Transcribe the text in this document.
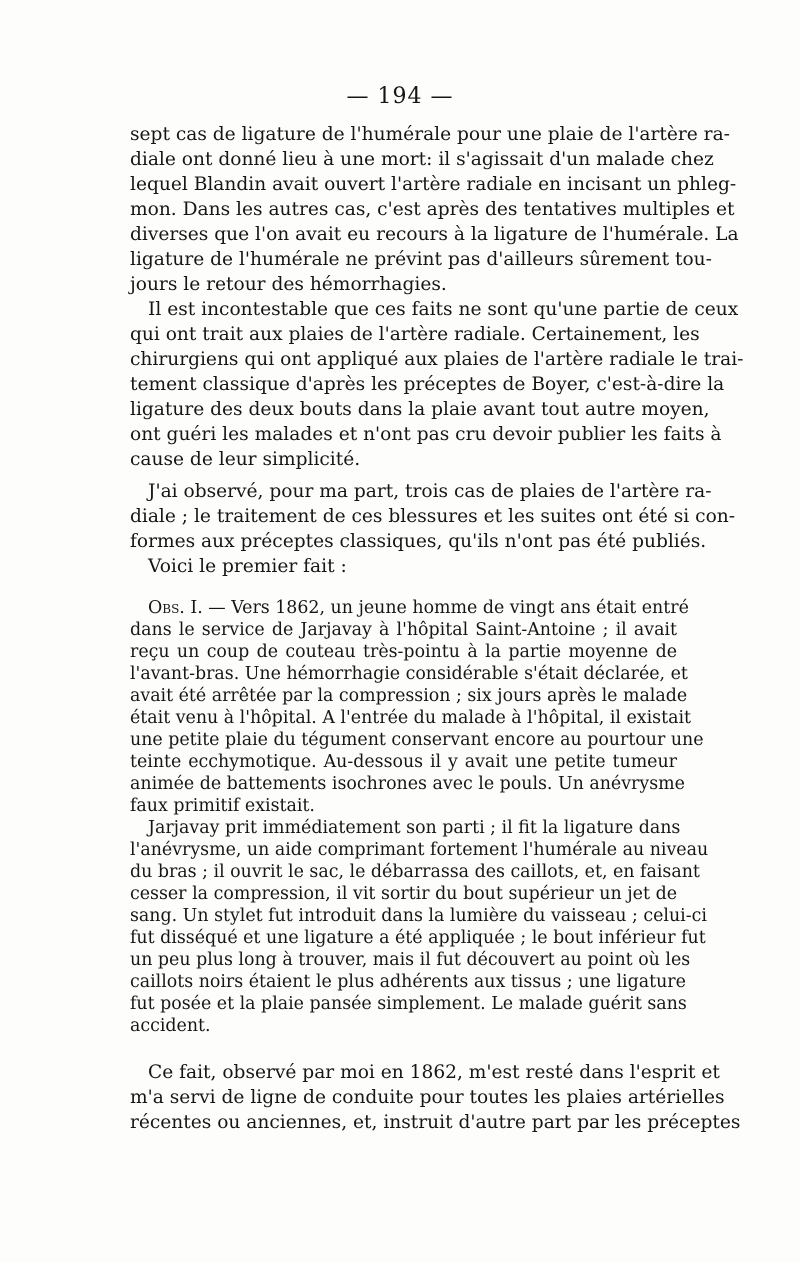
— 194 —
sept cas de ligature de l'humérale pour une plaie de l'artère ra-
diale ont donné lieu à une mort: il s'agissait d'un malade chez
lequel Blandin avait ouvert l'artère radiale en incisant un phleg-
mon. Dans les autres cas, c'est après des tentatives multiples et
diverses que l'on avait eu recours à la ligature de l'humérale. La
ligature de l'humérale ne prévint pas d'ailleurs sûrement tou-
jours le retour des hémorrhagies.
Il est incontestable que ces faits ne sont qu'une partie de ceux
qui ont trait aux plaies de l'artère radiale. Certainement, les
chirurgiens qui ont appliqué aux plaies de l'artère radiale le trai-
tement classique d'après les préceptes de Boyer, c'est-à-dire la
ligature des deux bouts dans la plaie avant tout autre moyen,
ont guéri les malades et n'ont pas cru devoir publier les faits à
cause de leur simplicité.
J'ai observé, pour ma part, trois cas de plaies de l'artère ra-
diale ; le traitement de ces blessures et les suites ont été si con-
formes aux préceptes classiques, qu'ils n'ont pas été publiés.
Voici le premier fait :
Obs. I. — Vers 1862, un jeune homme de vingt ans était entré
dans le service de Jarjavay à l'hôpital Saint-Antoine ; il avait
reçu un coup de couteau très-pointu à la partie moyenne de
l'avant-bras. Une hémorrhagie considérable s'était déclarée, et
avait été arrêtée par la compression ; six jours après le malade
était venu à l'hôpital. A l'entrée du malade à l'hôpital, il existait
une petite plaie du tégument conservant encore au pourtour une
teinte ecchymotique. Au-dessous il y avait une petite tumeur
animée de battements isochrones avec le pouls. Un anévrysme
faux primitif existait.
Jarjavay prit immédiatement son parti ; il fit la ligature dans
l'anévrysme, un aide comprimant fortement l'humérale au niveau
du bras ; il ouvrit le sac, le débarrassa des caillots, et, en faisant
cesser la compression, il vit sortir du bout supérieur un jet de
sang. Un stylet fut introduit dans la lumière du vaisseau ; celui-ci
fut disséqué et une ligature a été appliquée ; le bout inférieur fut
un peu plus long à trouver, mais il fut découvert au point où les
caillots noirs étaient le plus adhérents aux tissus ; une ligature
fut posée et la plaie pansée simplement. Le malade guérit sans
accident.
Ce fait, observé par moi en 1862, m'est resté dans l'esprit et
m'a servi de ligne de conduite pour toutes les plaies artérielles
récentes ou anciennes, et, instruit d'autre part par les préceptes
